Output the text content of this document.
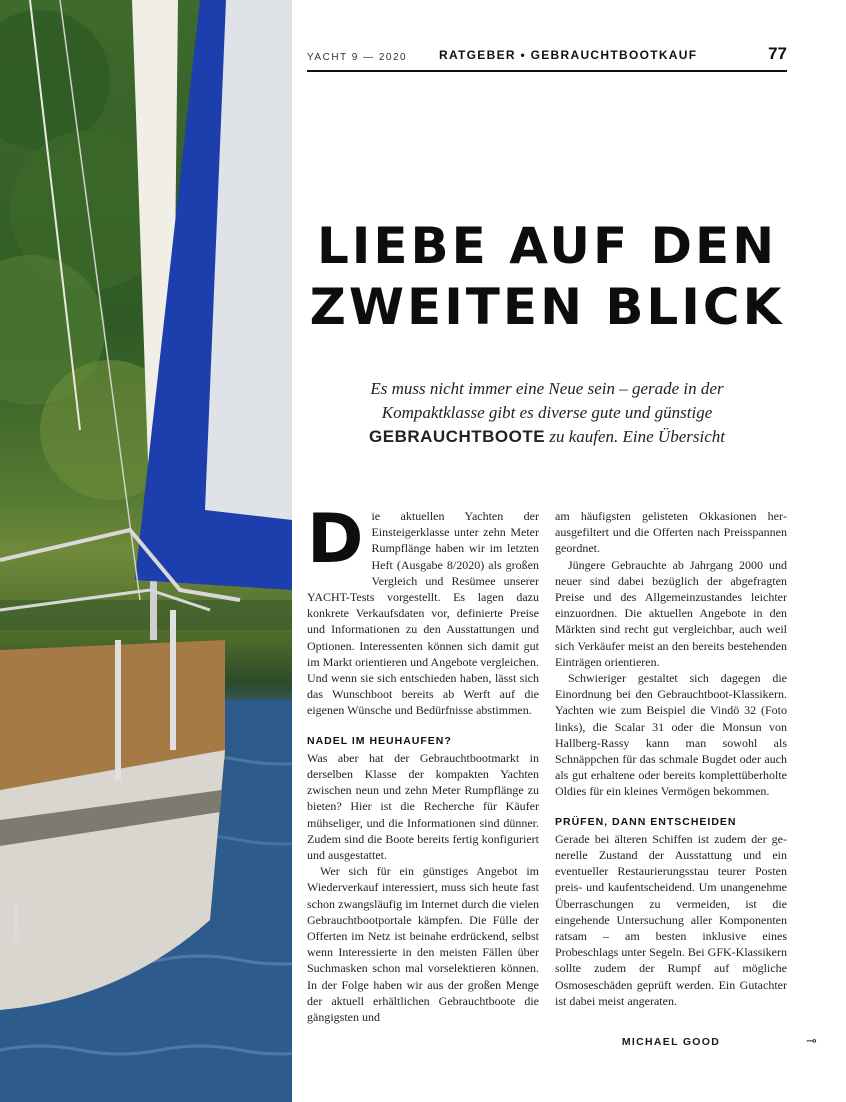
ANDREWS
YACHT 9 — 2020	RATGEBER • GEBRAUCHTBOOTKAUF	77
LIEBE AUF DEN
ZWEITEN BLICK
Es muss nicht immer eine Neue sein – gerade in der Kompaktklasse gibt es diverse gute und günstige GEBRAUCHTBOOTE zu kaufen. Eine Übersicht
D ie aktuellen Yachten der Einsteigerklasse unter zehn Meter Rumpflänge haben wir im letzten Heft (Ausgabe 8/2020) als großen Vergleich und Resümee unserer YACHT-Tests vorgestellt. Es lagen dazu konkrete Verkaufsdaten vor, definierte Preise und Informationen zu den Ausstattungen und Optionen. Interessenten können sich damit gut im Markt orientieren und Angebote vergleichen. Und wenn sie sich entschieden haben, lässt sich das Wunschboot bereits ab Werft auf die eigenen Wünsche und Bedürfnisse abstimmen.

NADEL IM HEUHAUFEN?

Was aber hat der Gebrauchtbootmarkt in derselben Klasse der kompakten Yachten zwischen neun und zehn Meter Rumpflänge zu bieten? Hier ist die Recherche für Käufer mühseliger, und die Informationen sind dünner. Zudem sind die Boote bereits fertig konfiguriert und ausgestattet.

Wer sich für ein günstiges Angebot im Wiederverkauf interessiert, muss sich heute fast schon zwangsläufig im Internet durch die vielen Gebrauchtbootportale kämpfen. Die Fülle der Offerten im Netz ist beinahe erdrückend, selbst wenn Interessierte in den meisten Fällen über Suchmasken schon mal vorselektieren können. In der Folge haben wir aus der großen Menge der aktuell erhältlichen Gebrauchtboote die gängigsten und

am häufigsten gelisteten Okkasionen herausgefiltert und die Offerten nach Preisspannen geordnet.

Jüngere Gebrauchte ab Jahrgang 2000 und neuer sind dabei bezüglich der abgefragten Preise und des Allgemeinzustandes leichter einzuordnen. Die aktuellen Angebote in den Märkten sind recht gut vergleichbar, auch weil sich Verkäufer meist an den bereits bestehenden Einträgen orientieren.

Schwieriger gestaltet sich dagegen die Einordnung bei den Gebrauchtboot-Klassikern. Yachten wie zum Beispiel die Vindö 32 (Foto links), die Scalar 31 oder die Monsun von Hallberg-Rassy kann man sowohl als Schnäppchen für das schmale Bugdet oder auch als gut erhaltene oder bereits komplettüberholte Oldies für ein kleines Vermögen bekommen.

PRÜFEN, DANN ENTSCHEIDEN

Gerade bei älteren Schiffen ist zudem der generelle Zustand der Ausstattung und ein eventueller Restaurierungsstau teurer Posten preis- und kaufentscheidend. Um unangenehme Überraschungen zu vermeiden, ist die eingehende Untersuchung aller Komponenten ratsam – am besten inklusive eines Probeschlags unter Segeln. Bei GFK-Klassikern sollte zudem der Rumpf auf mögliche Osmoseschäden geprüft werden. Ein Gutachter ist dabei meist angeraten.

MICHAEL GOOD	⊸
